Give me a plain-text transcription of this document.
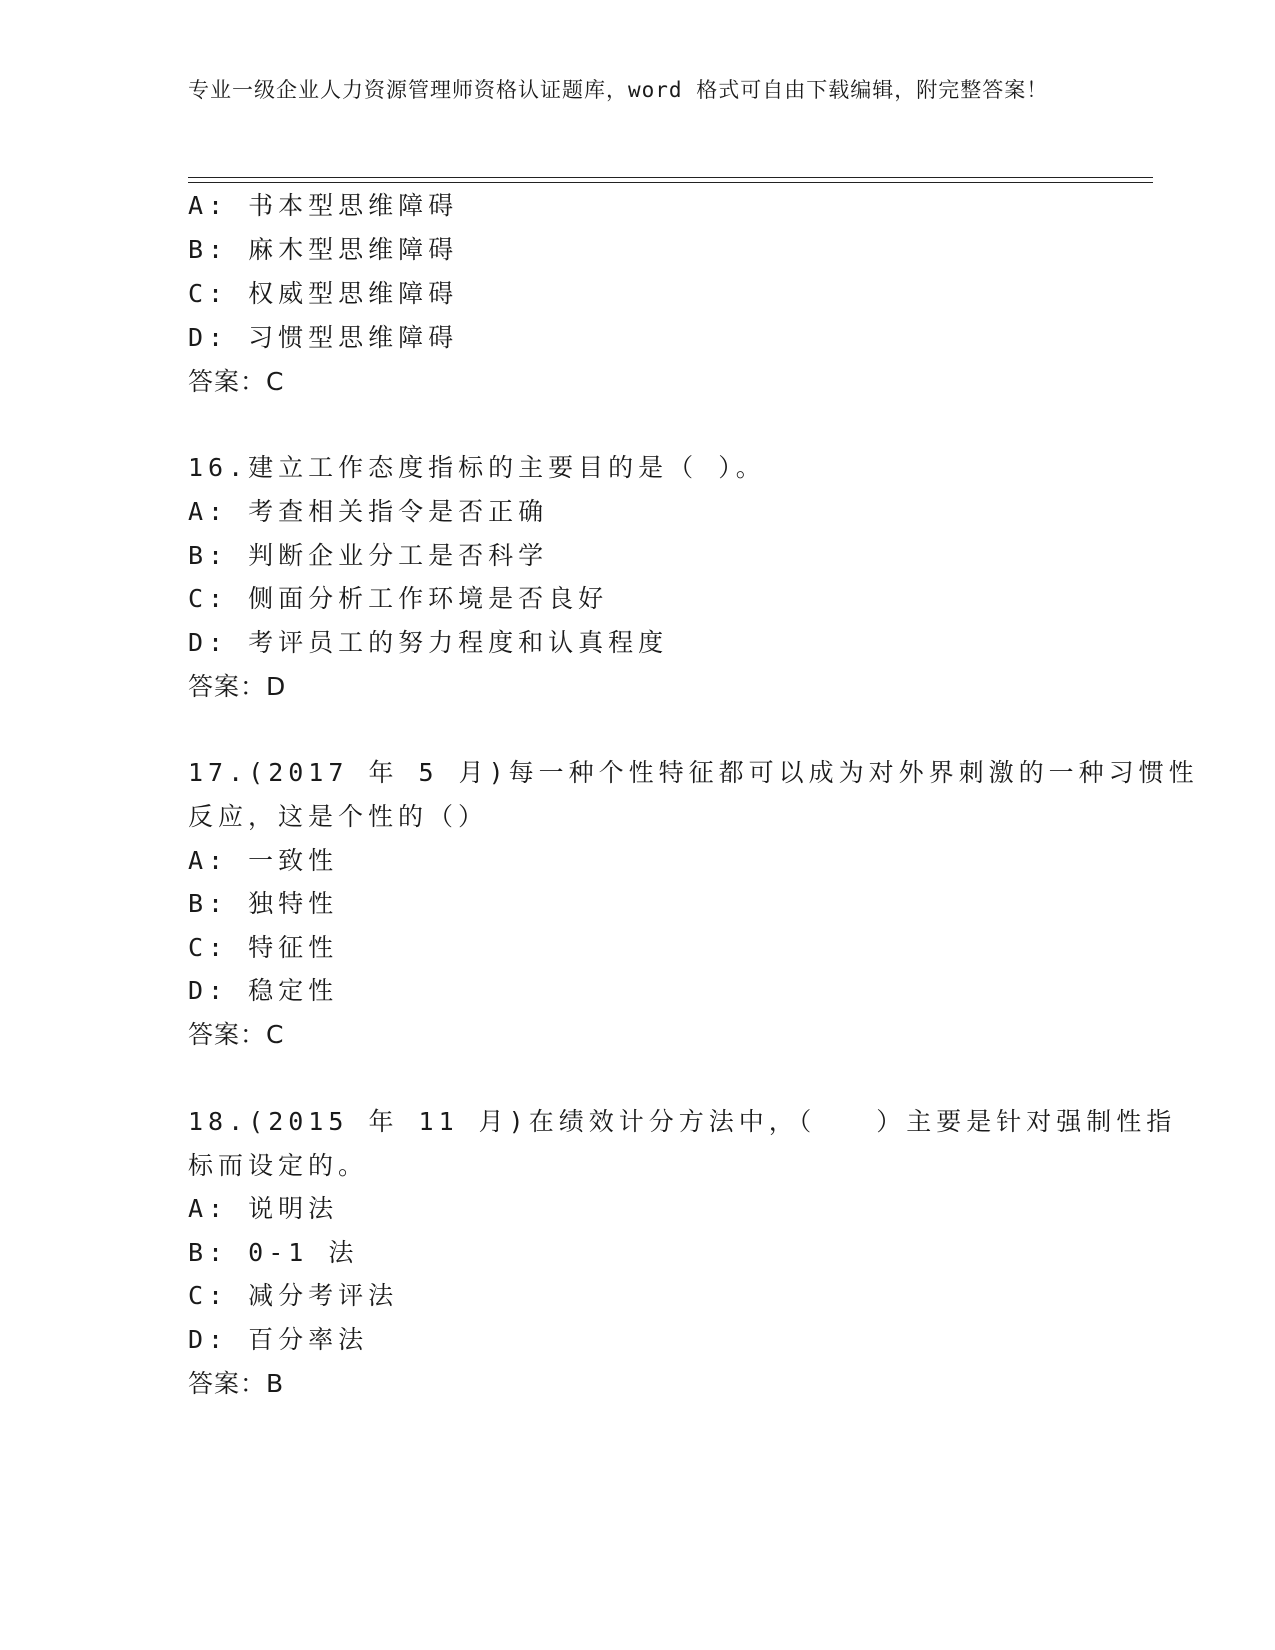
专业一级企业人力资源管理师资格认证题库，word 格式可自由下载编辑，附完整答案！
A: 书本型思维障碍
B: 麻木型思维障碍
C: 权威型思维障碍
D: 习惯型思维障碍
答案：C
16.建立工作态度指标的主要目的是（ ）。
A: 考查相关指令是否正确
B: 判断企业分工是否科学
C: 侧面分析工作环境是否良好
D: 考评员工的努力程度和认真程度
答案：D
17.(2017 年 5 月)每一种个性特征都可以成为对外界刺激的一种习惯性
反应，这是个性的（）
A: 一致性
B: 独特性
C: 特征性
D: 稳定性
答案：C
18.(2015 年 11 月)在绩效计分方法中，（　　）主要是针对强制性指
标而设定的。
A: 说明法
B: 0-1 法
C: 减分考评法
D: 百分率法
答案：B
